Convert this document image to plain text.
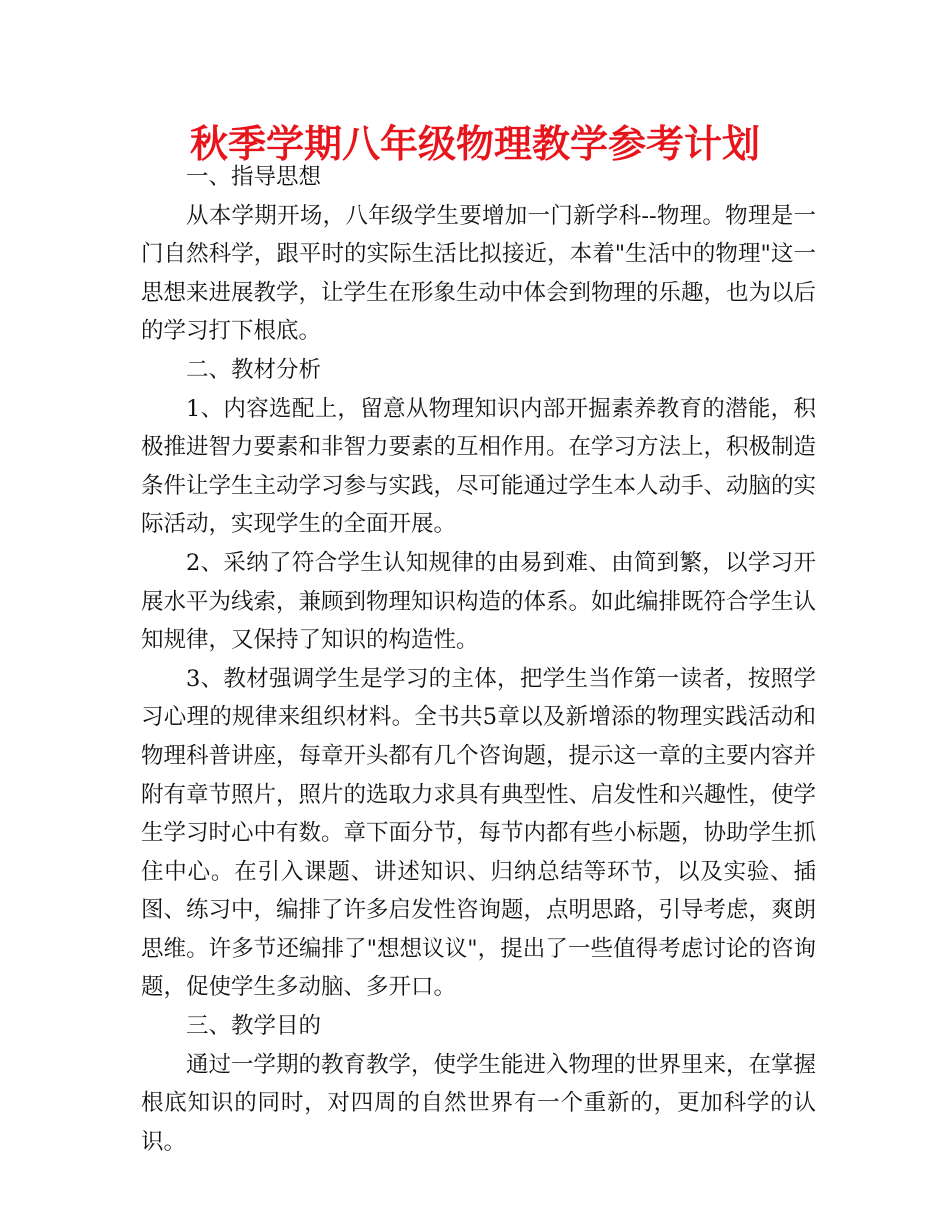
秋季学期八年级物理教学参考计划

一、指导思想

从本学期开场，八年级学生要增加一门新学科--物理。物理是一门自然科学，跟平时的实际生活比拟接近，本着"生活中的物理"这一思想来进展教学，让学生在形象生动中体会到物理的乐趣，也为以后的学习打下根底。

二、教材分析

1、内容选配上，留意从物理知识内部开掘素养教育的潜能，积极推进智力要素和非智力要素的互相作用。在学习方法上，积极制造条件让学生主动学习参与实践，尽可能通过学生本人动手、动脑的实际活动，实现学生的全面开展。

2、采纳了符合学生认知规律的由易到难、由简到繁，以学习开展水平为线索，兼顾到物理知识构造的体系。如此编排既符合学生认知规律，又保持了知识的构造性。

3、教材强调学生是学习的主体，把学生当作第一读者，按照学习心理的规律来组织材料。全书共5章以及新增添的物理实践活动和物理科普讲座，每章开头都有几个咨询题，提示这一章的主要内容并附有章节照片，照片的选取力求具有典型性、启发性和兴趣性，使学生学习时心中有数。章下面分节，每节内都有些小标题，协助学生抓住中心。在引入课题、讲述知识、归纳总结等环节，以及实验、插图、练习中，编排了许多启发性咨询题，点明思路，引导考虑，爽朗思维。许多节还编排了"想想议议"，提出了一些值得考虑讨论的咨询题，促使学生多动脑、多开口。

三、教学目的

通过一学期的教育教学，使学生能进入物理的世界里来，在掌握根底知识的同时，对四周的自然世界有一个重新的，更加科学的认识。
